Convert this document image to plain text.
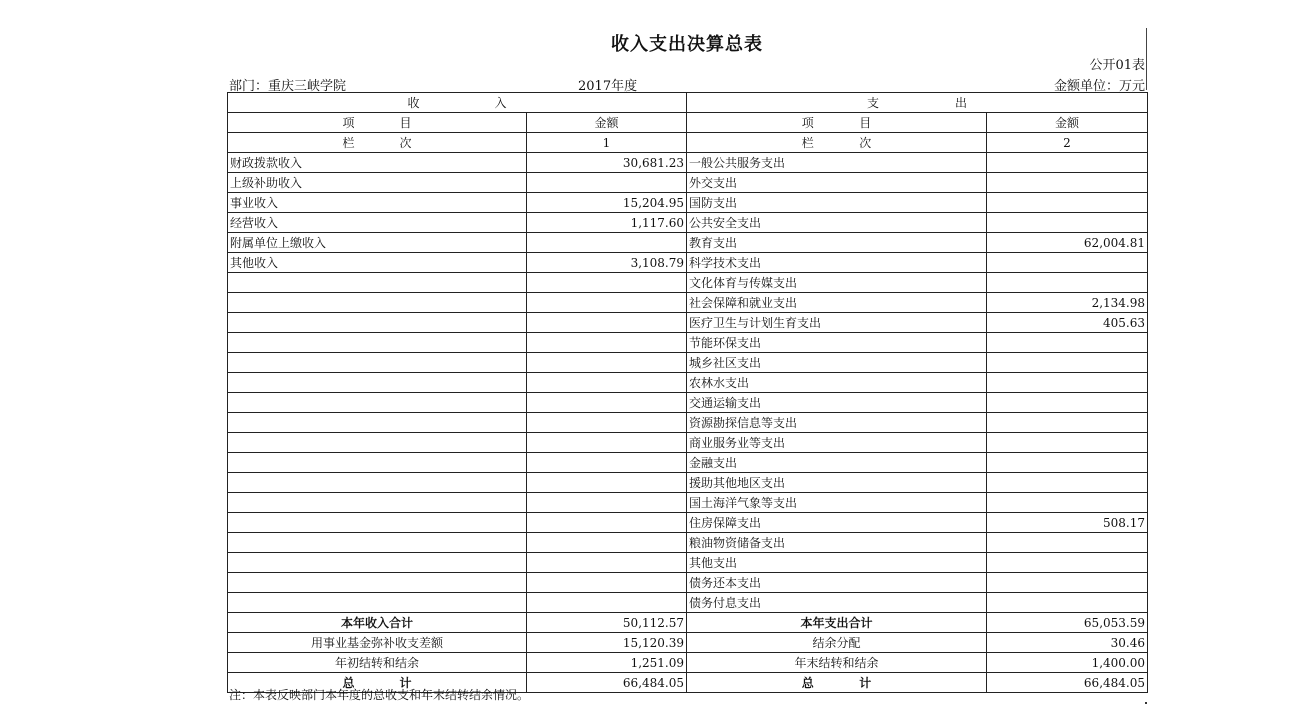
收入支出决算总表
公开01表
部门：重庆三峡学院	2017年度	金额单位：万元
收 入		支 出	

项 目	金额	项 目	金额

栏 次	1	栏 次	2
财政拨款收入	30,681.23	一般公共服务支出	
上级补助收入		外交支出	
事业收入	15,204.95	国防支出	
经营收入	1,117.60	公共安全支出	
附属单位上缴收入		教育支出	62,004.81
其他收入	3,108.79	科学技术支出	
		文化体育与传媒支出	
		社会保障和就业支出	2,134.98
		医疗卫生与计划生育支出	405.63
		节能环保支出	
		城乡社区支出	
		农林水支出	
		交通运输支出	
		资源勘探信息等支出	
		商业服务业等支出	
		金融支出	
		援助其他地区支出	
		国土海洋气象等支出	
		住房保障支出	508.17
		粮油物资储备支出	
		其他支出	
		债务还本支出	
		债务付息支出	
本年收入合计	50,112.57	本年支出合计	65,053.59
用事业基金弥补收支差额	15,120.39	结余分配	30.46
年初结转和结余	1,251.09	年末结转和结余	1,400.00

总 计	66,484.05	总 计	66,484.05
注：本表反映部门本年度的总收支和年末结转结余情况。
